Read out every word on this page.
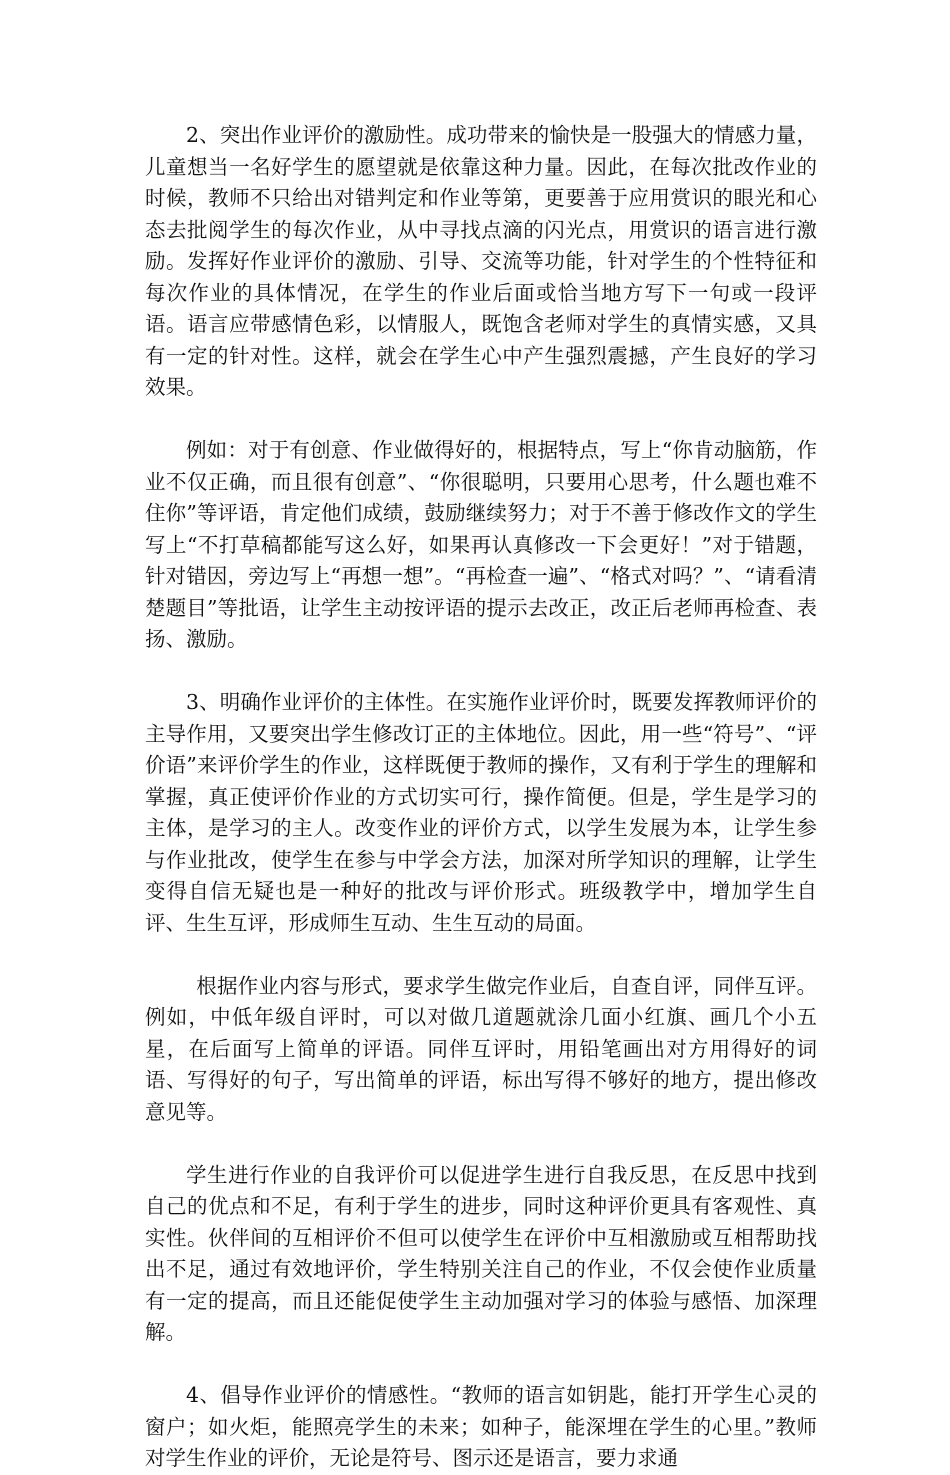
2、突出作业评价的激励性。成功带来的愉快是一股强大的情感力量，儿童想当一名好学生的愿望就是依靠这种力量。因此，在每次批改作业的时候，教师不只给出对错判定和作业等第，更要善于应用赏识的眼光和心态去批阅学生的每次作业，从中寻找点滴的闪光点，用赏识的语言进行激励。发挥好作业评价的激励、引导、交流等功能，针对学生的个性特征和每次作业的具体情况，在学生的作业后面或恰当地方写下一句或一段评语。语言应带感情色彩，以情服人，既饱含老师对学生的真情实感，又具有一定的针对性。这样，就会在学生心中产生强烈震撼，产生良好的学习效果。

例如：对于有创意、作业做得好的，根据特点，写上“你肯动脑筋，作业不仅正确，而且很有创意”、“你很聪明，只要用心思考，什么题也难不住你”等评语，肯定他们成绩，鼓励继续努力；对于不善于修改作文的学生写上“不打草稿都能写这么好，如果再认真修改一下会更好！”对于错题，针对错因，旁边写上“再想一想”。“再检查一遍”、“格式对吗？”、“请看清楚题目”等批语，让学生主动按评语的提示去改正，改正后老师再检查、表扬、激励。

3、明确作业评价的主体性。在实施作业评价时，既要发挥教师评价的主导作用，又要突出学生修改订正的主体地位。因此，用一些“符号”、“评价语”来评价学生的作业，这样既便于教师的操作，又有利于学生的理解和掌握，真正使评价作业的方式切实可行，操作简便。但是，学生是学习的主体，是学习的主人。改变作业的评价方式，以学生发展为本，让学生参与作业批改，使学生在参与中学会方法，加深对所学知识的理解，让学生变得自信无疑也是一种好的批改与评价形式。班级教学中，增加学生自评、生生互评，形成师生互动、生生互动的局面。

根据作业内容与形式，要求学生做完作业后，自查自评，同伴互评。例如，中低年级自评时，可以对做几道题就涂几面小红旗、画几个小五星，在后面写上简单的评语。同伴互评时，用铅笔画出对方用得好的词语、写得好的句子，写出简单的评语，标出写得不够好的地方，提出修改意见等。

学生进行作业的自我评价可以促进学生进行自我反思，在反思中找到自己的优点和不足，有利于学生的进步，同时这种评价更具有客观性、真实性。伙伴间的互相评价不但可以使学生在评价中互相激励或互相帮助找出不足，通过有效地评价，学生特别关注自己的作业，不仅会使作业质量有一定的提高，而且还能促使学生主动加强对学习的体验与感悟、加深理解。

4、倡导作业评价的情感性。“教师的语言如钥匙，能打开学生心灵的窗户；如火炬，能照亮学生的未来；如种子，能深埋在学生的心里。”教师对学生作业的评价，无论是符号、图示还是语言，要力求通
